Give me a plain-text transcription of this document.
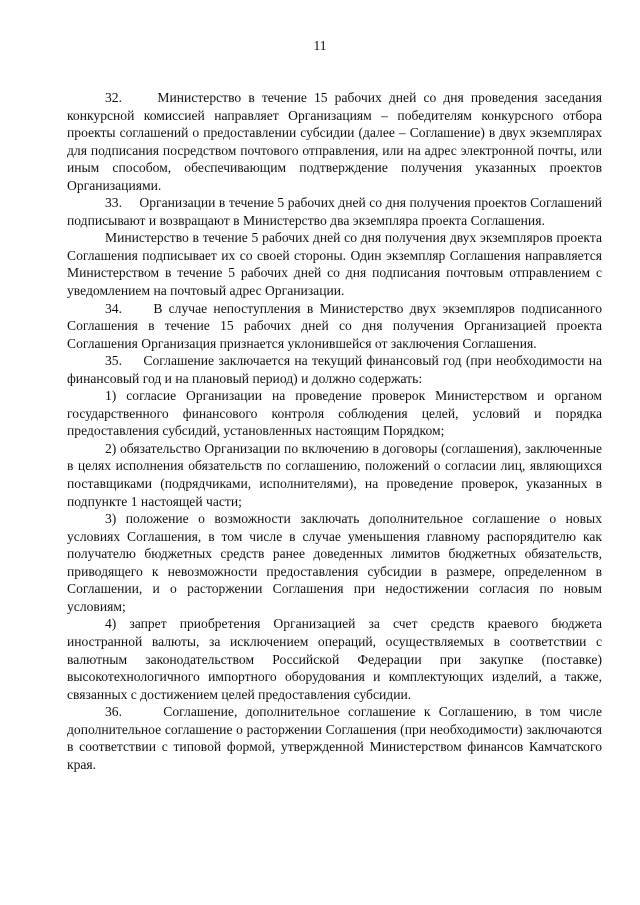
11

32.     Министерство в течение 15 рабочих дней со дня проведения заседания конкурсной комиссией направляет Организациям – победителям конкурсного отбора проекты соглашений о предоставлении субсидии (далее – Соглашение) в двух экземплярах для подписания посредством почтового отправления, или на адрес электронной почты, или иным способом, обеспечивающим подтверждение получения указанных проектов Организациями.

33.     Организации в течение 5 рабочих дней со дня получения проектов Соглашений подписывают и возвращают в Министерство два экземпляра проекта Соглашения.

Министерство в течение 5 рабочих дней со дня получения двух экземпляров проекта Соглашения подписывает их со своей стороны. Один экземпляр Соглашения направляется Министерством в течение 5 рабочих дней со дня подписания почтовым отправлением с уведомлением на почтовый адрес Организации.

34.     В случае непоступления в Министерство двух экземпляров подписанного Соглашения в течение 15 рабочих дней со дня получения Организацией проекта Соглашения Организация признается уклонившейся от заключения Соглашения.

35.     Соглашение заключается на текущий финансовый год (при необходимости на финансовый год и на плановый период) и должно содержать:

1) согласие Организации на проведение проверок Министерством и органом государственного финансового контроля соблюдения целей, условий и порядка предоставления субсидий, установленных настоящим Порядком;

2) обязательство Организации по включению в договоры (соглашения), заключенные в целях исполнения обязательств по соглашению, положений о согласии лиц, являющихся поставщиками (подрядчиками, исполнителями), на проведение проверок, указанных в подпункте 1 настоящей части;

3) положение о возможности заключать дополнительное соглашение о новых условиях Соглашения, в том числе в случае уменьшения главному распорядителю как получателю бюджетных средств ранее доведенных лимитов бюджетных обязательств, приводящего к невозможности предоставления субсидии в размере, определенном в Соглашении, и о расторжении Соглашения при недостижении согласия по новым условиям;

4) запрет приобретения Организацией за счет средств краевого бюджета иностранной валюты, за исключением операций, осуществляемых в соответствии с валютным законодательством Российской Федерации при закупке (поставке) высокотехнологичного импортного оборудования и комплектующих изделий, а также, связанных с достижением целей предоставления субсидии.

36.     Соглашение, дополнительное соглашение к Соглашению, в том числе дополнительное соглашение о расторжении Соглашения (при необходимости) заключаются в соответствии с типовой формой, утвержденной Министерством финансов Камчатского края.
